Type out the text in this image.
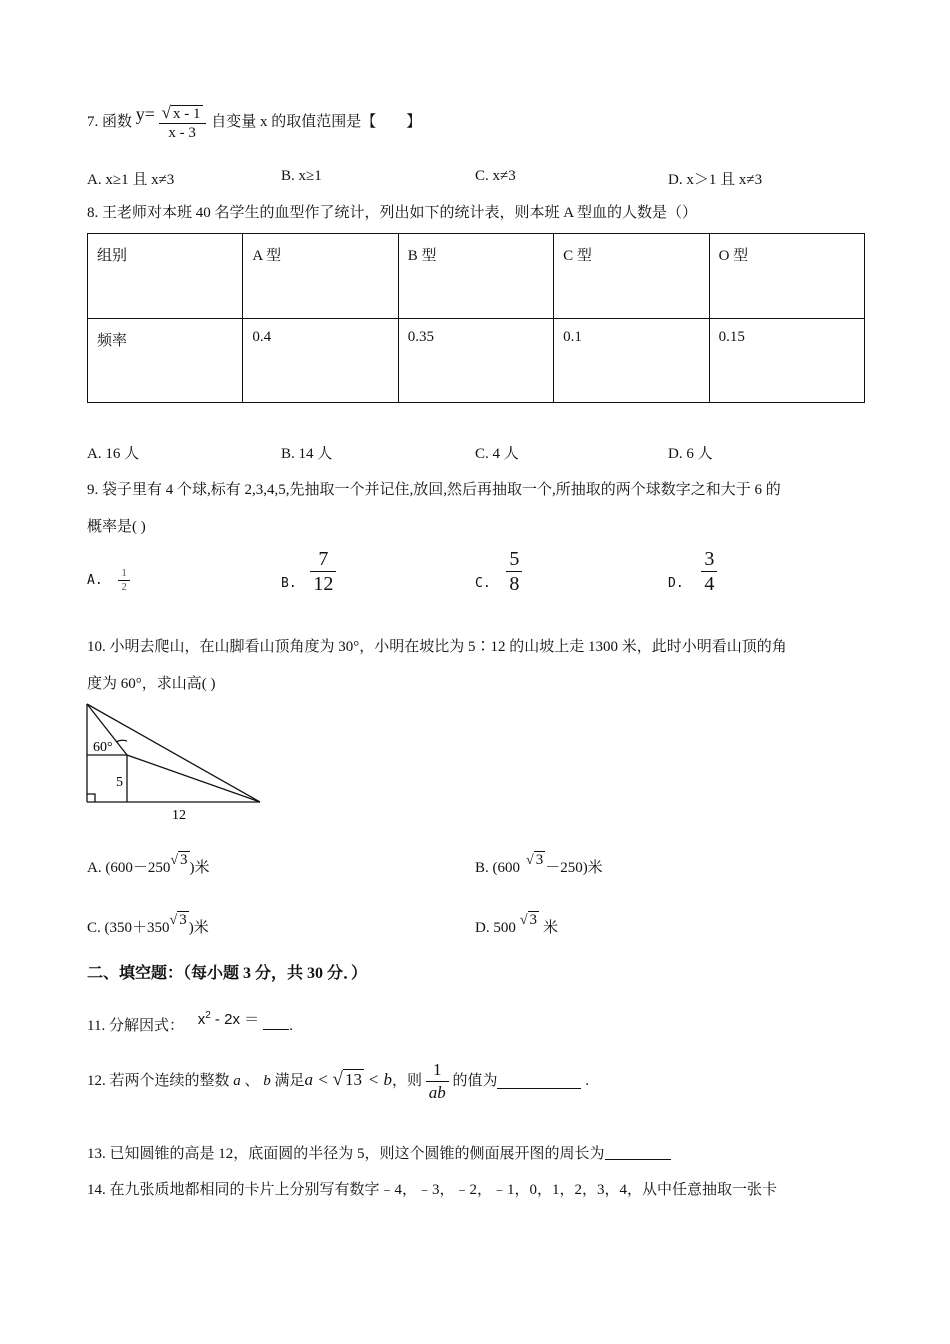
7. 函数 $y= \frac{√ x - 1}{x - 3}$ 自变量 x 的取值范围是【　　】
A. x≥1 且 x≠3	B. x≥1	C. x≠3	D. x＞1 且 x≠3
8. 王老师对本班 40 名学生的血型作了统计，列出如下的统计表，则本班 A 型血的人数是（）
组别	A 型	B 型	C 型	O 型
频率	0.4	0.35	0.1	0.15
A. 16 人	B. 14 人	C. 4 人	D. 6 人
9. 袋子里有 4 个球,标有 2,3,4,5,先抽取一个并记住,放回,然后再抽取一个,所抽取的两个球数字之和大于 6 的
概率是( )
A. $\frac{1}{2}$	B. $\frac{7}{12}$	C. $\frac{5}{8}$	D. $\frac{3}{4}$
10. 小明去爬山，在山脚看山顶角度为 30°，小明在坡比为 5∶12 的山坡上走 1300 米，此时小明看山顶的角
度为 60°，求山高( )
60°
5
12
A. (600－250√ 3 )米	B. (600 √ 3 －250)米
C. (350＋350√ 3 )米	D. 500 √ 3 米
二、填空题：（每小题 3 分，共 30 分．）
11. 分解因式： $x^2 - 2x$ ＝ .
12. 若两个连续的整数 a 、 b 满足a < √ 13 < b，则 $\frac{1}{ab}$ 的值为	.
13. 已知圆锥的高是 12，底面圆的半径为 5，则这个圆锥的侧面展开图的周长为
14. 在九张质地都相同的卡片上分别写有数字﹣4，﹣3，﹣2，﹣1，0，1，2，3，4，从中任意抽取一张卡
